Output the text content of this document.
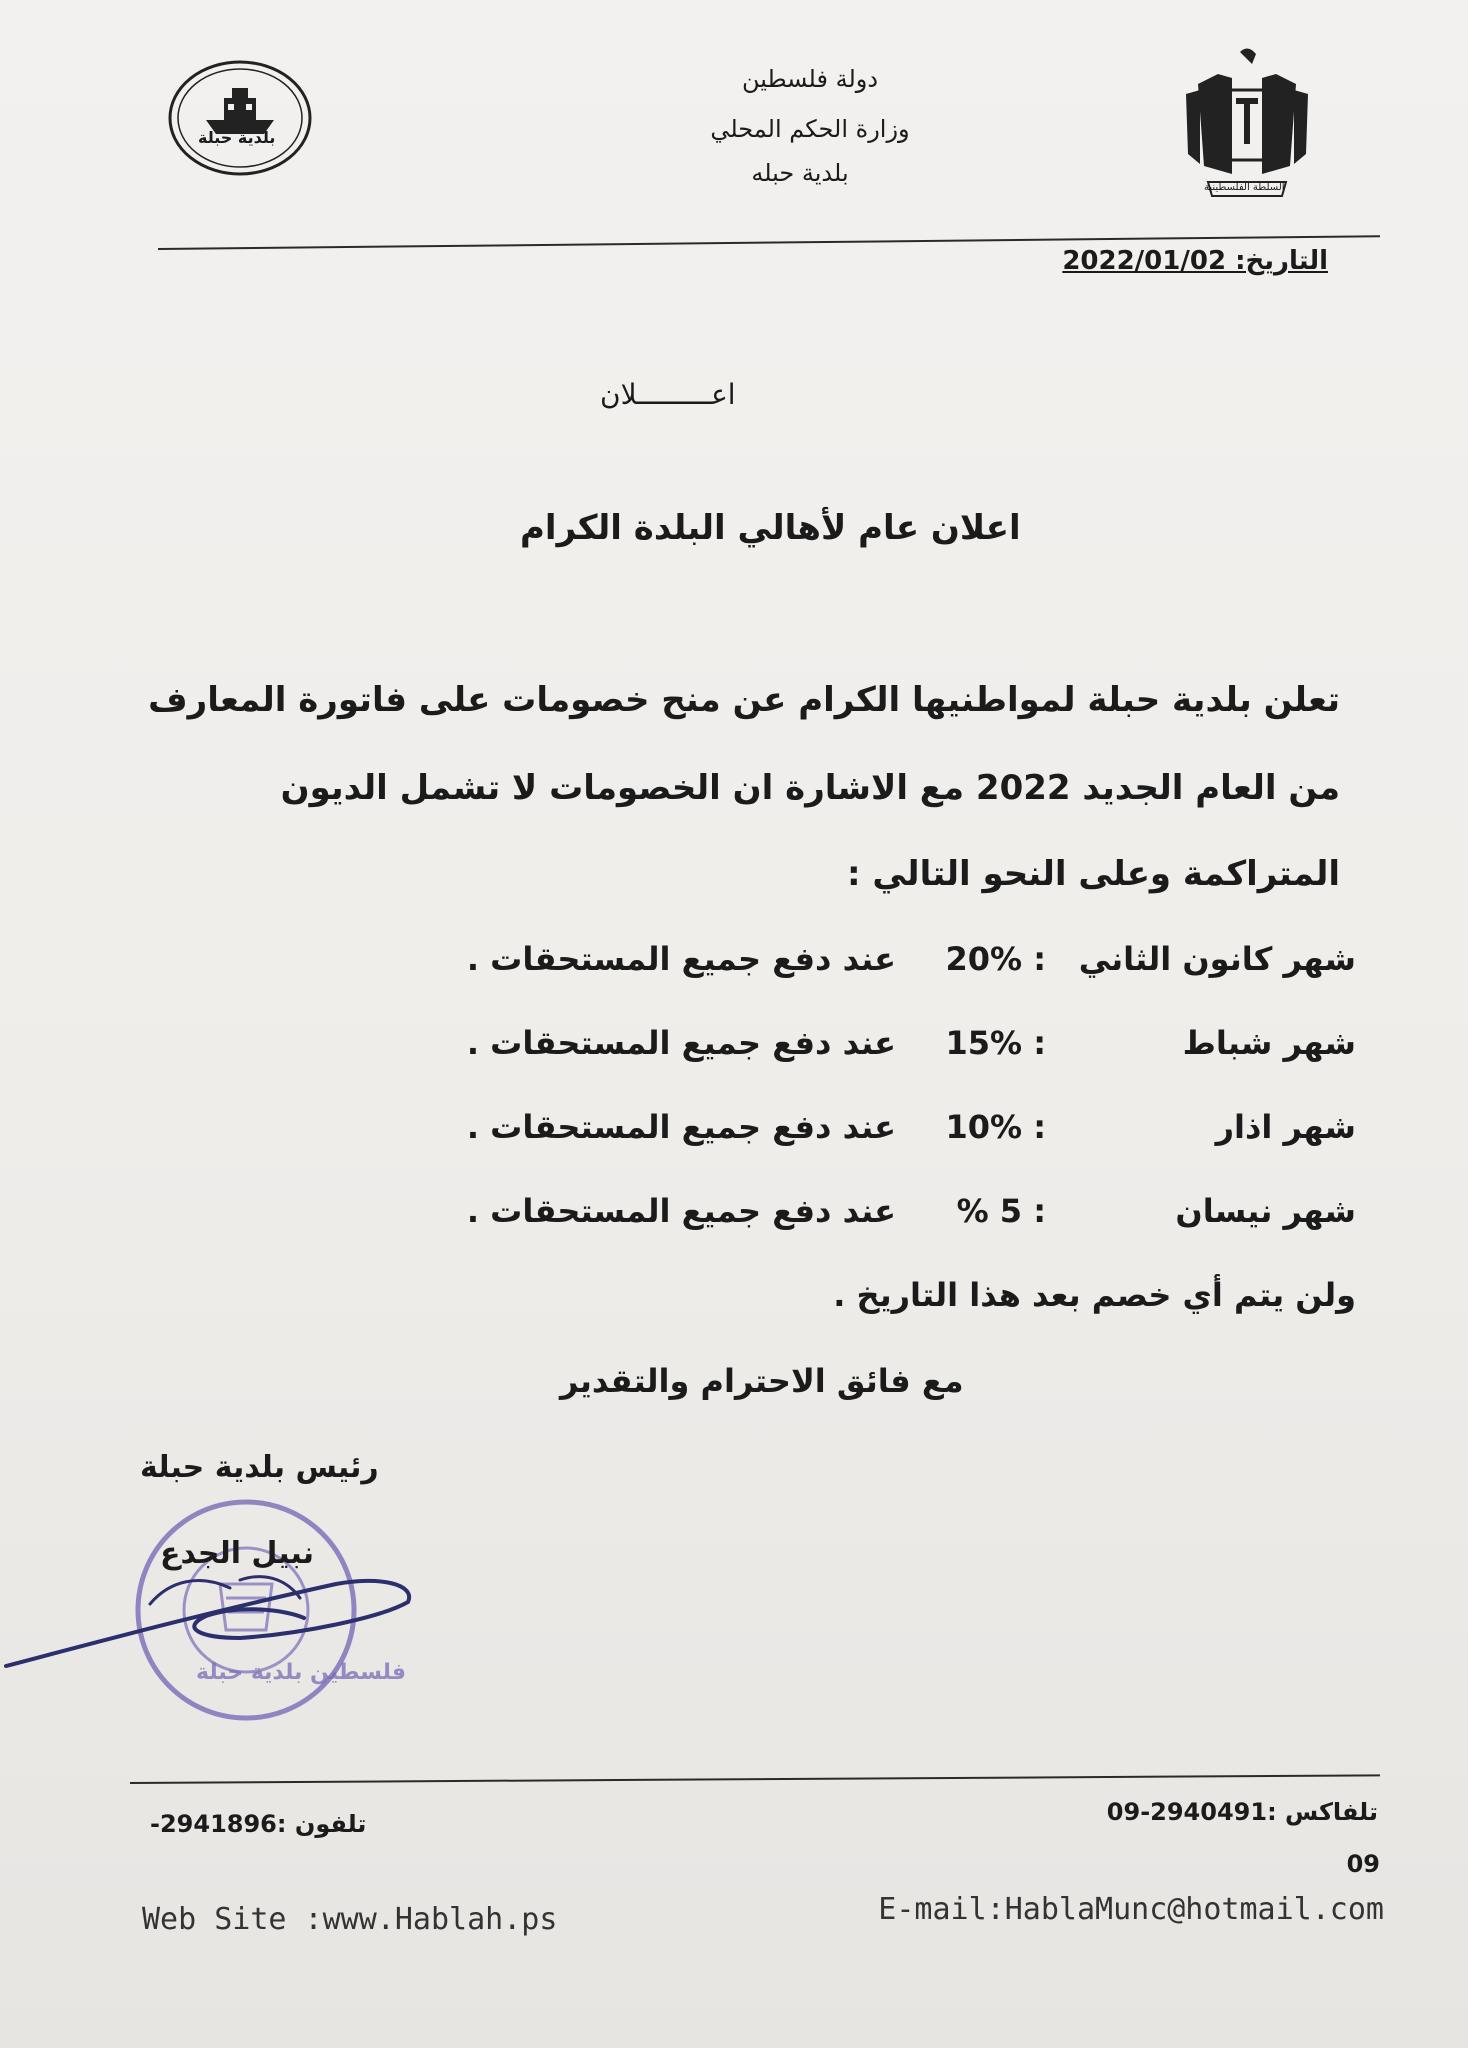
بلدية حبلة
السلطة الفلسطينية
دولة فلسطين
وزارة الحكم المحلي
بلدية حبله
التاريخ: 2022/01/02
اعـــــــــلان
اعلان عام لأهالي البلدة الكرام
تعلن بلدية حبلة لمواطنيها الكرام عن منح خصومات على فاتورة المعارف
من العام الجديد 2022 مع الاشارة ان الخصومات لا تشمل الديون
المتراكمة وعلى النحو التالي :
شهر كانون الثاني
: 20%
عند دفع جميع المستحقات .
شهر شباط
: 15%
عند دفع جميع المستحقات .
شهر اذار
: 10%
عند دفع جميع المستحقات .
شهر نيسان
: 5 %
عند دفع جميع المستحقات .
ولن يتم أي خصم بعد هذا التاريخ .
مع فائق الاحترام والتقدير
رئيس بلدية حبلة
فلسطين بلدية حبلة
نبيل الجدع
تلفاكس :2940491-09
09
تلفون :2941896-
Web Site :www.Hablah.ps	E-mail:HablaMunc@hotmail.com
